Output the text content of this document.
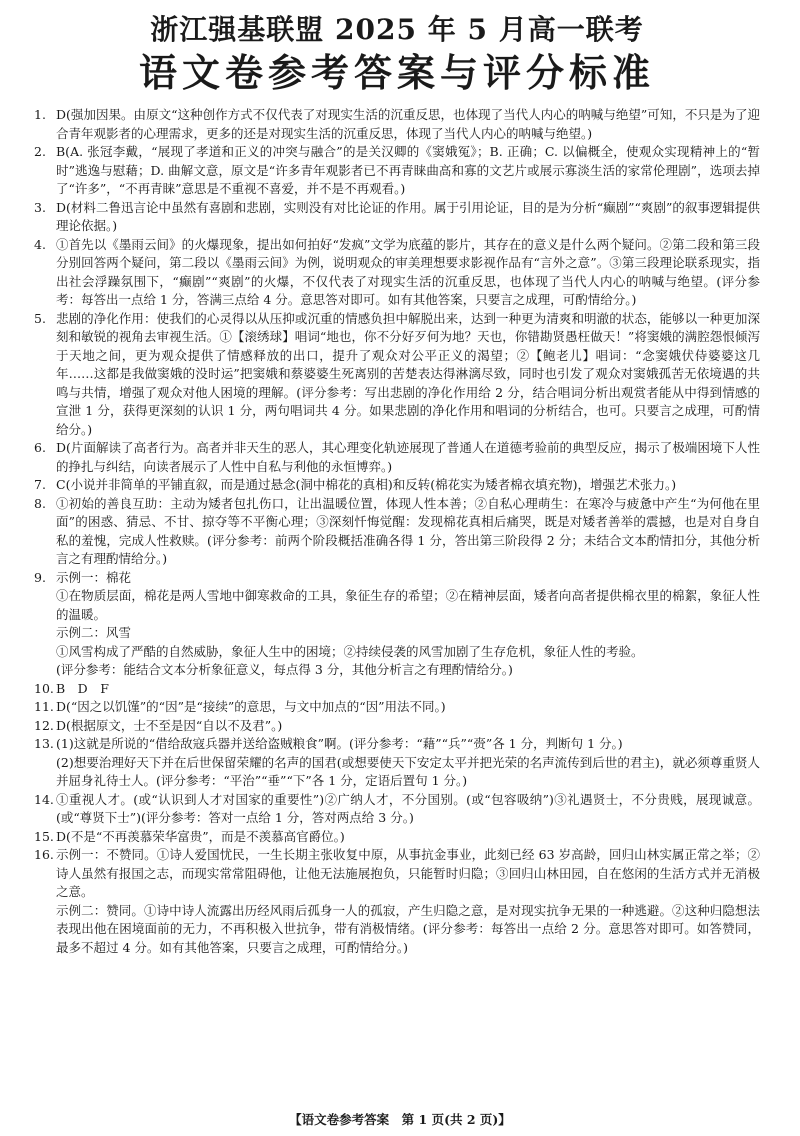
浙江强基联盟 2025 年 5 月高一联考
语文卷参考答案与评分标准
1. D(强加因果。由原文“这种创作方式不仅代表了对现实生活的沉重反思，也体现了当代人内心的呐喊与绝望”可知，不只是为了迎合青年观影者的心理需求，更多的还是对现实生活的沉重反思，体现了当代人内心的呐喊与绝望。)
2. B(A. 张冠李戴，“展现了孝道和正义的冲突与融合”的是关汉卿的《窦娥冤》；B. 正确；C. 以偏概全，使观众实现精神上的“暂时”逃逸与慰藉；D. 曲解文意，原文是“许多青年观影者已不再青睐曲高和寡的文艺片或展示寡淡生活的家常伦理剧”，选项去掉了“许多”，“不再青睐”意思是不重视不喜爱，并不是不再观看。)
3. D(材料二鲁迅言论中虽然有喜剧和悲剧，实则没有对比论证的作用。属于引用论证，目的是为分析“癫剧”“爽剧”的叙事逻辑提供理论依据。)
4. ①首先以《墨雨云间》的火爆现象，提出如何拍好“发疯”文学为底蕴的影片，其存在的意义是什么两个疑问。②第二段和第三段分别回答两个疑问，第二段以《墨雨云间》为例，说明观众的审美理想要求影视作品有“言外之意”。③第三段理论联系现实，指出社会浮躁氛围下，“癫剧”“爽剧”的火爆，不仅代表了对现实生活的沉重反思，也体现了当代人内心的呐喊与绝望。(评分参考：每答出一点给 1 分，答满三点给 4 分。意思答对即可。如有其他答案，只要言之成理，可酌情给分。)
5. 悲剧的净化作用：使我们的心灵得以从压抑或沉重的情感负担中解脱出来，达到一种更为清爽和明澈的状态，能够以一种更加深刻和敏锐的视角去审视生活。①【滚绣球】唱词“地也，你不分好歹何为地？天也，你错勘贤愚枉做天！”将窦娥的满腔怨恨倾泻于天地之间，更为观众提供了情感释放的出口，提升了观众对公平正义的渴望；②【鲍老儿】唱词：“念窦娥伏侍婆婆这几年……这都是我做窦娥的没时运”把窦娥和蔡婆婆生死离别的苦楚表达得淋漓尽致，同时也引发了观众对窦娥孤苦无依境遇的共鸣与共情，增强了观众对他人困境的理解。(评分参考：写出悲剧的净化作用给 2 分，结合唱词分析出观赏者能从中得到情感的宣泄 1 分，获得更深刻的认识 1 分，两句唱词共 4 分。如果悲剧的净化作用和唱词的分析结合，也可。只要言之成理，可酌情给分。)
6. D(片面解读了高者行为。高者并非天生的恶人，其心理变化轨迹展现了普通人在道德考验前的典型反应，揭示了极端困境下人性的挣扎与纠结，向读者展示了人性中自私与利他的永恒博弈。)
7. C(小说并非简单的平铺直叙，而是通过悬念(洞中棉花的真相)和反转(棉花实为矮者棉衣填充物)，增强艺术张力。)
8. ①初始的善良互助：主动为矮者包扎伤口，让出温暖位置，体现人性本善；②自私心理萌生：在寒冷与疲惫中产生“为何他在里面”的困惑、猜忌、不甘、掠夺等不平衡心理；③深刻忏悔觉醒：发现棉花真相后痛哭，既是对矮者善举的震撼，也是对自身自私的羞愧，完成人性救赎。(评分参考：前两个阶段概括准确各得 1 分，答出第三阶段得 2 分；未结合文本酌情扣分，其他分析言之有理酌情给分。)
9. 示例一：棉花
①在物质层面，棉花是两人雪地中御寒救命的工具，象征生存的希望；②在精神层面，矮者向高者提供棉衣里的棉絮，象征人性的温暖。
示例二：风雪
①风雪构成了严酷的自然威胁，象征人生中的困境；②持续侵袭的风雪加剧了生存危机，象征人性的考验。
(评分参考：能结合文本分析象征意义，每点得 3 分，其他分析言之有理酌情给分。)
10. B　D　F
11. D(“因之以饥馑”的“因”是“接续”的意思，与文中加点的“因”用法不同。)
12. D(根据原文，士不至是因“自以不及君”。)
13. (1)这就是所说的“借给敌寇兵器并送给盗贼粮食”啊。(评分参考：“藉”“兵”“赍”各 1 分，判断句 1 分。)
(2)想要治理好天下并在后世保留荣耀的名声的国君(或想要使天下安定太平并把光荣的名声流传到后世的君主)，就必须尊重贤人并屈身礼待士人。(评分参考：“平治”“垂”“下”各 1 分，定语后置句 1 分。)
14. ①重视人才。(或“认识到人才对国家的重要性”)②广纳人才，不分国别。(或“包容吸纳”)③礼遇贤士，不分贵贱，展现诚意。(或“尊贤下士”)(评分参考：答对一点给 1 分，答对两点给 3 分。)
15. D(不是“不再羡慕荣华富贵”，而是不羡慕高官爵位。)
16. 示例一：不赞同。①诗人爱国忧民，一生长期主张收复中原，从事抗金事业，此刻已经 63 岁高龄，回归山林实属正常之举；②诗人虽然有报国之志，而现实常常阻碍他，让他无法施展抱负，只能暂时归隐；③回归山林田园，自在悠闲的生活方式并无消极之意。
示例二：赞同。①诗中诗人流露出历经风雨后孤身一人的孤寂，产生归隐之意，是对现实抗争无果的一种逃避。②这种归隐想法表现出他在困境面前的无力，不再积极入世抗争，带有消极情绪。(评分参考：每答出一点给 2 分。意思答对即可。如答赞同，最多不超过 4 分。如有其他答案，只要言之成理，可酌情给分。)
【语文卷参考答案　第 1 页(共 2 页)】
